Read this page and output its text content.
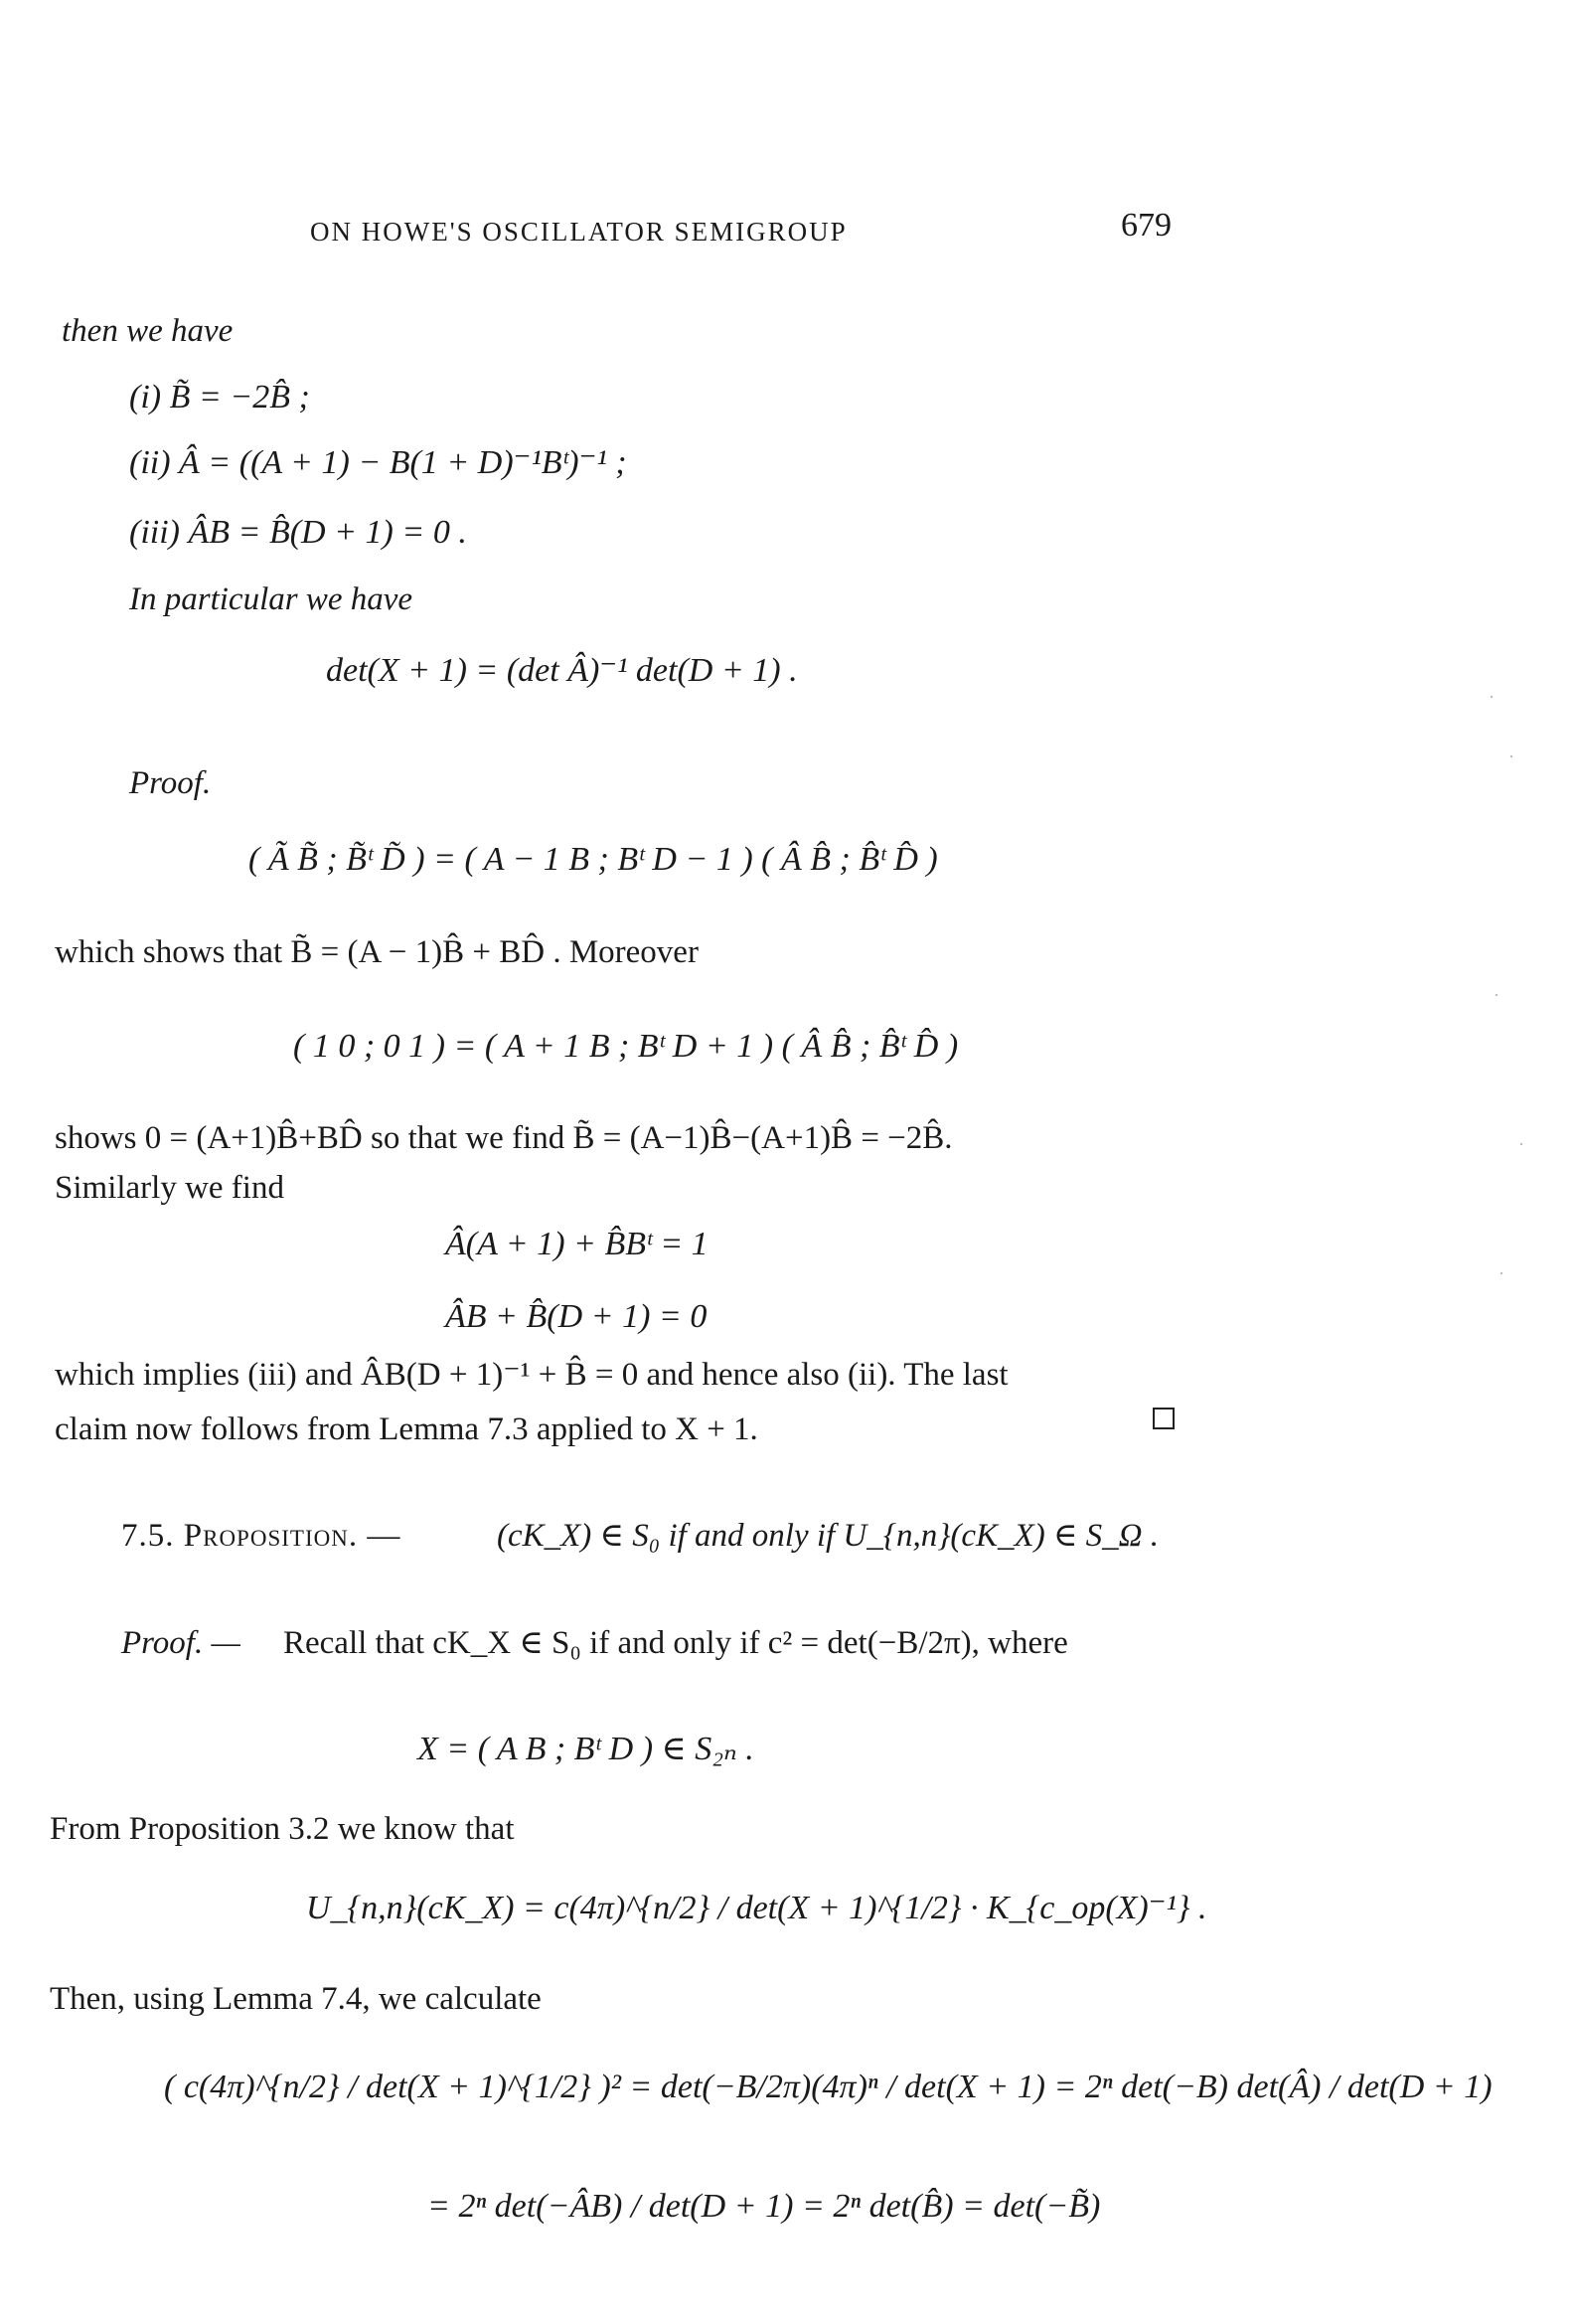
ON HOWE'S OSCILLATOR SEMIGROUP	679
then we have
(i) B̃ = −2B̂ ;
(ii) Â = ((A + 1) − B(1 + D)⁻¹Bᵗ)⁻¹ ;
(iii) ÂB = B̂(D + 1) = 0 .
In particular we have
det(X + 1) = (det Â)⁻¹ det(D + 1) .
Proof.
( Ã B̃ ; B̃ᵗ D̃ ) = ( A − 1 B ; Bᵗ D − 1 ) ( Â B̂ ; B̂ᵗ D̂ )
which shows that B̃ = (A − 1)B̂ + BD̂ . Moreover
( 1 0 ; 0 1 ) = ( A + 1 B ; Bᵗ D + 1 ) ( Â B̂ ; B̂ᵗ D̂ )
shows 0 = (A+1)B̂+BD̂ so that we find B̃ = (A−1)B̂−(A+1)B̂ = −2B̂.
Similarly we find
Â(A + 1) + B̂Bᵗ = 1
ÂB + B̂(D + 1) = 0
which implies (iii) and ÂB(D + 1)⁻¹ + B̂ = 0 and hence also (ii). The last
claim now follows from Lemma 7.3 applied to X + 1.
7.5. Proposition. —	(cK_X) ∈ S₀ if and only if U_{n,n}(cK_X) ∈ S_Ω .
Proof. — Recall that cK_X ∈ S₀ if and only if c² = det(−B/2π), where
X = ( A B ; Bᵗ D ) ∈ S₂ₙ .
From Proposition 3.2 we know that
U_{n,n}(cK_X) = c(4π)^{n/2} / det(X + 1)^{1/2} · K_{c_op(X)⁻¹} .
Then, using Lemma 7.4, we calculate
( c(4π)^{n/2} / det(X + 1)^{1/2} )² = det(−B/2π)(4π)ⁿ / det(X + 1) = 2ⁿ det(−B) det(Â) / det(D + 1)
= 2ⁿ det(−ÂB) / det(D + 1) = 2ⁿ det(B̂) = det(−B̃)
